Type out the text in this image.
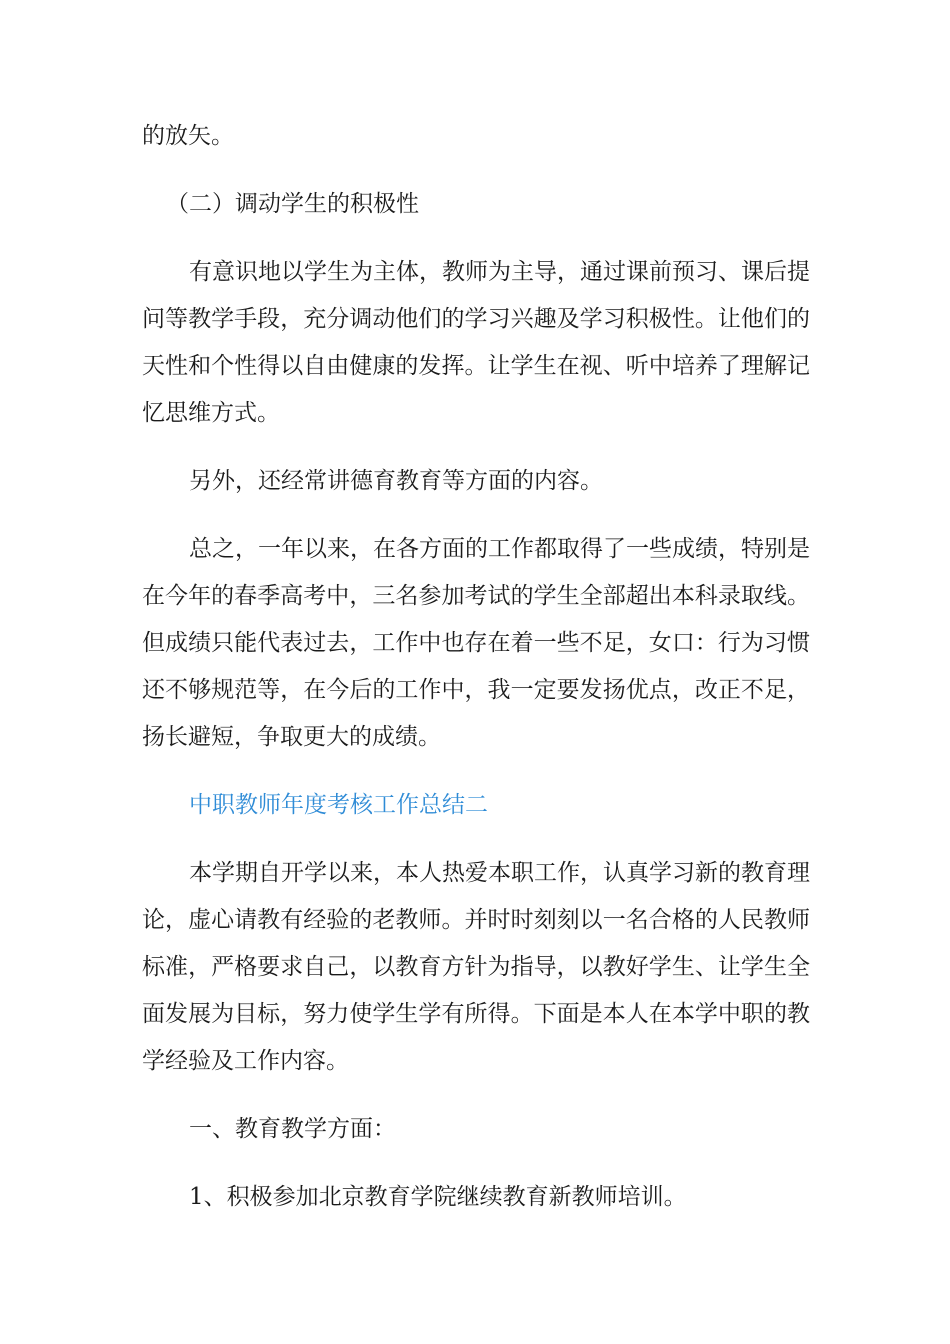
的放矢。

（二）调动学生的积极性

有意识地以学生为主体，教师为主导，通过课前预习、课后提问等教学手段，充分调动他们的学习兴趣及学习积极性。让他们的天性和个性得以自由健康的发挥。让学生在视、听中培养了理解记忆思维方式。

另外，还经常讲德育教育等方面的内容。

总之，一年以来，在各方面的工作都取得了一些成绩，特别是在今年的春季高考中，三名参加考试的学生全部超出本科录取线。但成绩只能代表过去，工作中也存在着一些不足，女口：行为习惯还不够规范等，在今后的工作中，我一定要发扬优点，改正不足，扬长避短，争取更大的成绩。

中职教师年度考核工作总结二

本学期自开学以来，本人热爱本职工作，认真学习新的教育理论，虚心请教有经验的老教师。并时时刻刻以一名合格的人民教师标准，严格要求自己，以教育方针为指导，以教好学生、让学生全面发展为目标，努力使学生学有所得。下面是本人在本学中职的教学经验及工作内容。

一、教育教学方面：

1、积极参加北京教育学院继续教育新教师培训。
